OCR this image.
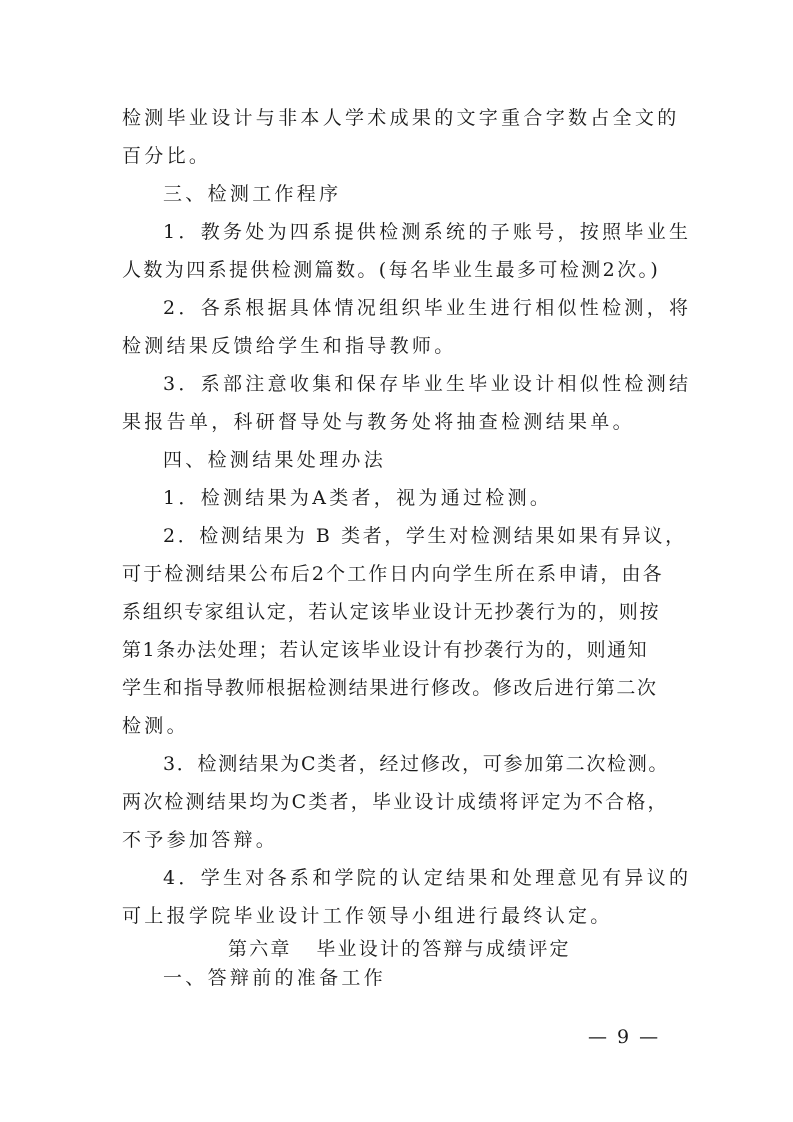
检测毕业设计与非本人学术成果的文字重合字数占全文的
百分比。
三、检测工作程序
1．教务处为四系提供检测系统的子账号，按照毕业生
人数为四系提供检测篇数。(每名毕业生最多可检测2次。)
2．各系根据具体情况组织毕业生进行相似性检测，将
检测结果反馈给学生和指导教师。
3．系部注意收集和保存毕业生毕业设计相似性检测结
果报告单，科研督导处与教务处将抽查检测结果单。
四、检测结果处理办法
1．检测结果为A类者，视为通过检测。
2．检测结果为 B 类者，学生对检测结果如果有异议，
可于检测结果公布后2个工作日内向学生所在系申请，由各
系组织专家组认定，若认定该毕业设计无抄袭行为的，则按
第1条办法处理；若认定该毕业设计有抄袭行为的，则通知
学生和指导教师根据检测结果进行修改。修改后进行第二次
检测。
3．检测结果为C类者，经过修改，可参加第二次检测。
两次检测结果均为C类者，毕业设计成绩将评定为不合格，
不予参加答辩。
4．学生对各系和学院的认定结果和处理意见有异议的
可上报学院毕业设计工作领导小组进行最终认定。
第六章   毕业设计的答辩与成绩评定
一、答辩前的准备工作
— 9 —
